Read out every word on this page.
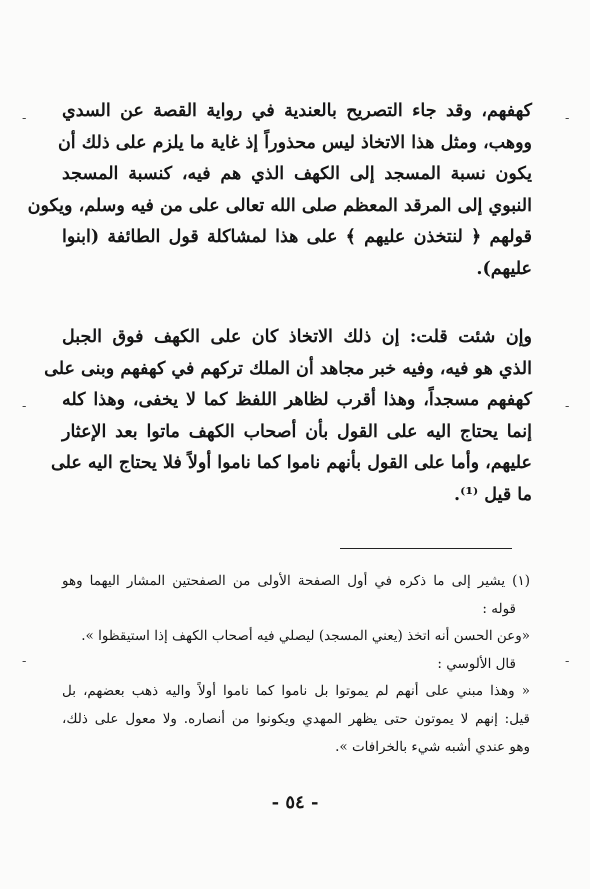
كهفهم، وقد جاء التصريح بالعندية في رواية القصة عن السدي
ووهب، ومثل هذا الاتخاذ ليس محذوراً إذ غاية ما يلزم على ذلك أن
يكون نسبة المسجد إلى الكهف الذي هم فيه، كنسبة المسجد
النبوي إلى المرقد المعظم صلى الله تعالى على من فيه وسلم، ويكون
قولهم ﴿ لنتخذن عليهم ﴾ على هذا لمشاكلة قول الطائفة (ابنوا
عليهم).
وإن شئت قلت: إن ذلك الاتخاذ كان على الكهف فوق الجبل
الذي هو فيه، وفيه خبر مجاهد أن الملك تركهم في كهفهم وبنى على
كهفهم مسجداً، وهذا أقرب لظاهر اللفظ كما لا يخفى، وهذا كله
إنما يحتاج اليه على القول بأن أصحاب الكهف ماتوا بعد الإعثار
عليهم، وأما على القول بأنهم ناموا كما ناموا أولاً فلا يحتاج اليه على
ما قيل ⁽¹⁾.
(١) يشير إلى ما ذكره في أول الصفحة الأولى من الصفحتين المشار اليهما وهو
قوله :
«وعن الحسن أنه اتخذ (يعني المسجد) ليصلي فيه أصحاب الكهف إذا استيقظوا ».
قال الألوسي :
« وهذا مبني على أنهم لم يموتوا بل ناموا كما ناموا أولاً واليه ذهب بعضهم، بل
قيل: إنهم لا يموتون حتى يظهر المهدي ويكونوا من أنصاره. ولا معول على ذلك،
وهو عندي أشبه شيء بالخرافات ».
- ٥٤ -
-	-
-	-
-	-
